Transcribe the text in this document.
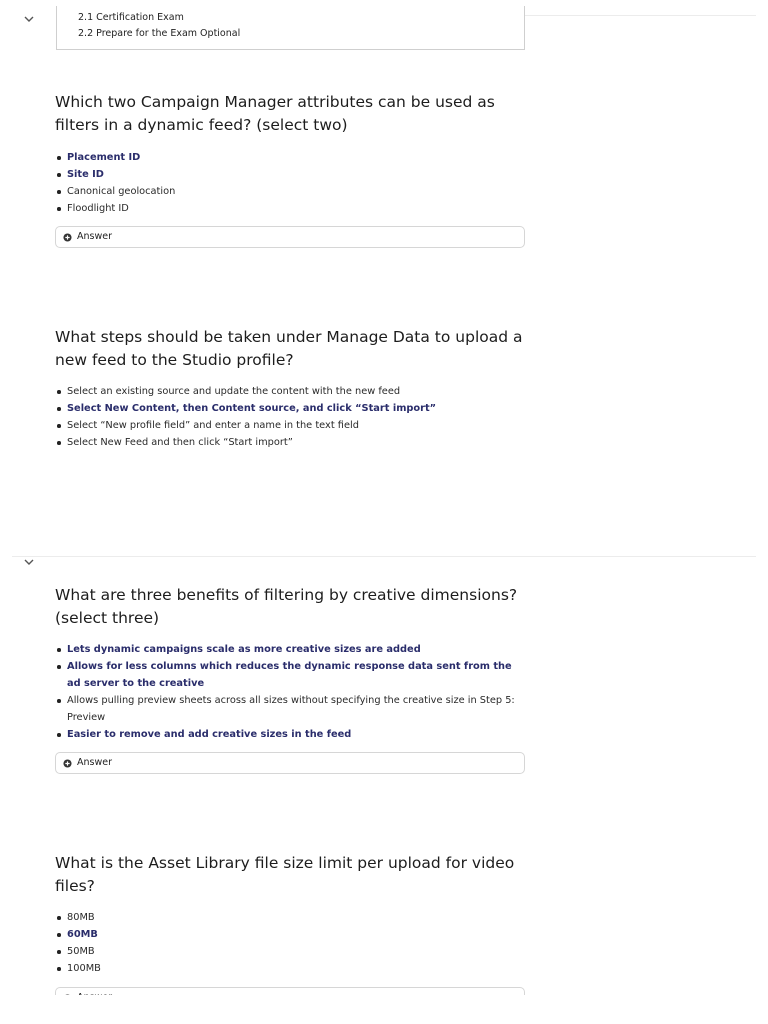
2.1 Certification Exam
2.2 Prepare for the Exam Optional
Which two Campaign Manager attributes can be used as filters in a dynamic feed? (select two)
Placement ID
Site ID
Canonical geolocation
Floodlight ID
Answer
What steps should be taken under Manage Data to upload a new feed to the Studio profile?
Select an existing source and update the content with the new feed
Select New Content, then Content source, and click “Start import”
Select “New profile field” and enter a name in the text field
Select New Feed and then click “Start import”
What are three benefits of filtering by creative dimensions? (select three)
Lets dynamic campaigns scale as more creative sizes are added
Allows for less columns which reduces the dynamic response data sent from the ad server to the creative
Allows pulling preview sheets across all sizes without specifying the creative size in Step 5: Preview
Easier to remove and add creative sizes in the feed
Answer
What is the Asset Library file size limit per upload for video files?
80MB
60MB
50MB
100MB
